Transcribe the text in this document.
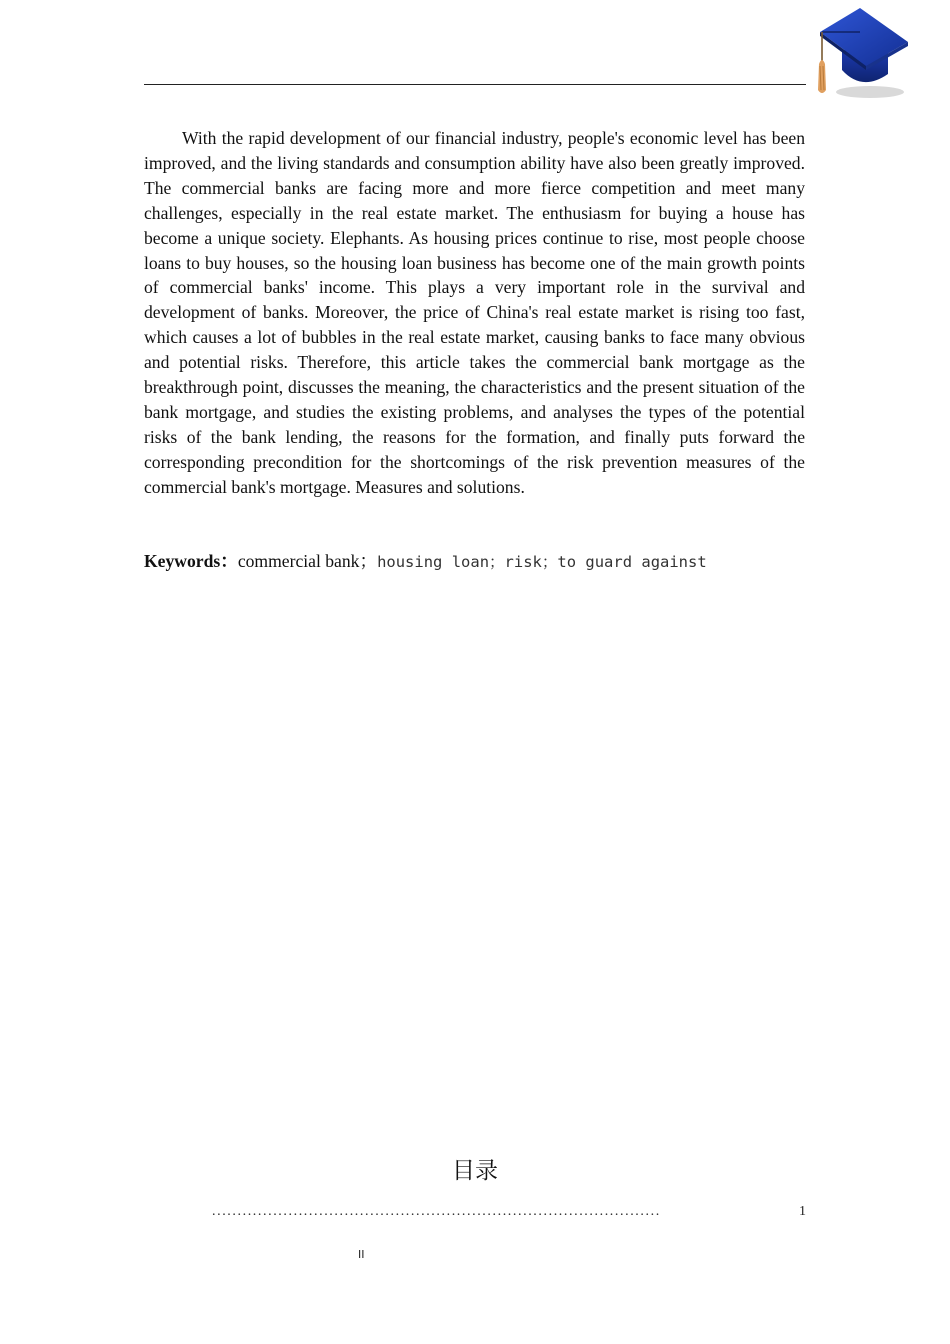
With the rapid development of our financial industry, people's economic level has been improved, and the living standards and consumption ability have also been greatly improved. The commercial banks are facing more and more fierce competition and meet many challenges, especially in the real estate market. The enthusiasm for buying a house has become a unique society. Elephants. As housing prices continue to rise, most people choose loans to buy houses, so the housing loan business has become one of the main growth points of commercial banks' income. This plays a very important role in the survival and development of banks. Moreover, the price of China's real estate market is rising too fast, which causes a lot of bubbles in the real estate market, causing banks to face many obvious and potential risks. Therefore, this article takes the commercial bank mortgage as the breakthrough point, discusses the meaning, the characteristics and the present situation of the bank mortgage, and studies the existing problems, and analyses the types of the potential risks of the bank lending, the reasons for the formation, and finally puts forward the corresponding precondition for the shortcomings of the risk prevention measures of the commercial bank's mortgage. Measures and solutions.

Keywords：commercial bank；housing loan；risk；to guard against

目录
........................................................................................	1
II
